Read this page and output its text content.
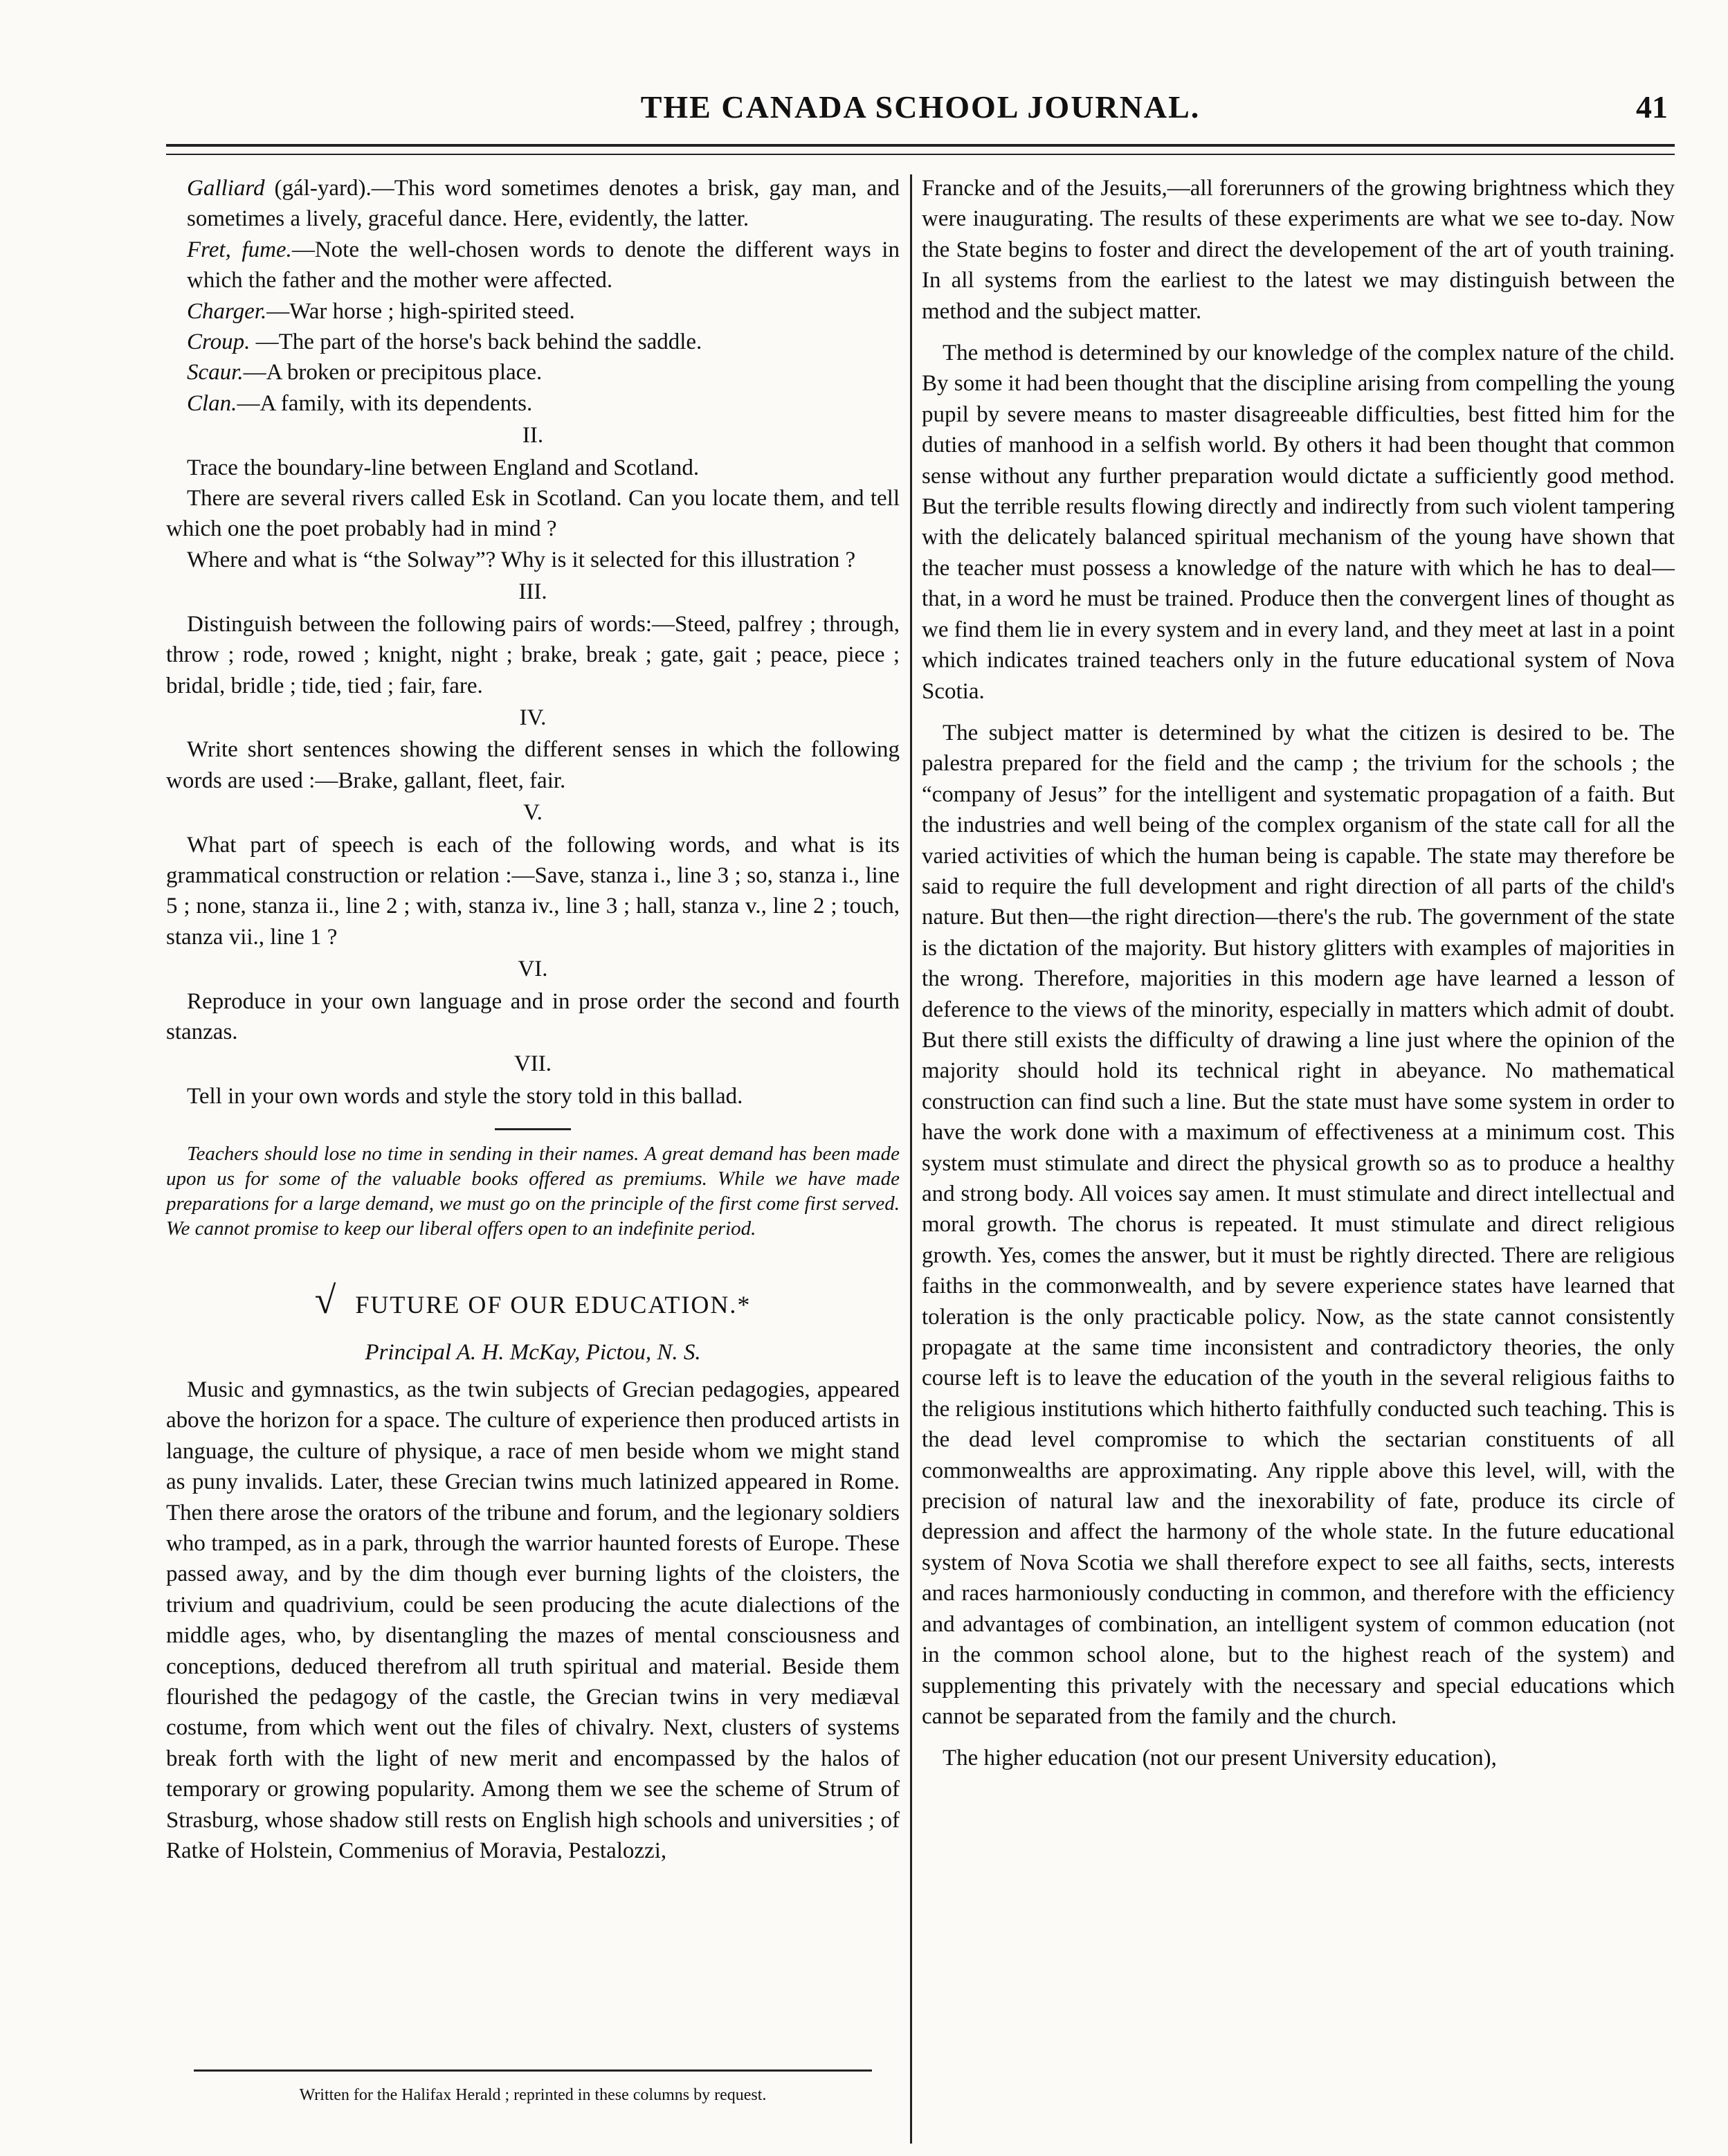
THE CANADA SCHOOL JOURNAL.	41

Galliard (gál-yard).—This word sometimes denotes a brisk, gay man, and sometimes a lively, graceful dance. Here, evidently, the latter.

Fret, fume.—Note the well-chosen words to denote the different ways in which the father and the mother were affected.

Charger.—War horse ; high-spirited steed.

Croup. —The part of the horse's back behind the saddle.

Scaur.—A broken or precipitous place.

Clan.—A family, with its dependents.

II.

Trace the boundary-line between England and Scotland.

There are several rivers called Esk in Scotland. Can you locate them, and tell which one the poet probably had in mind ?

Where and what is “the Solway”? Why is it selected for this illustration ?

III.

Distinguish between the following pairs of words:—Steed, palfrey ; through, throw ; rode, rowed ; knight, night ; brake, break ; gate, gait ; peace, piece ; bridal, bridle ; tide, tied ; fair, fare.

IV.

Write short sentences showing the different senses in which the following words are used :—Brake, gallant, fleet, fair.

V.

What part of speech is each of the following words, and what is its grammatical construction or relation :—Save, stanza i., line 3 ; so, stanza i., line 5 ; none, stanza ii., line 2 ; with, stanza iv., line 3 ; hall, stanza v., line 2 ; touch, stanza vii., line 1 ?

VI.

Reproduce in your own language and in prose order the second and fourth stanzas.

VII.

Tell in your own words and style the story told in this ballad.

Teachers should lose no time in sending in their names. A great demand has been made upon us for some of the valuable books offered as premiums. While we have made preparations for a large demand, we must go on the principle of the first come first served. We cannot promise to keep our liberal offers open to an indefinite period.

√ FUTURE OF OUR EDUCATION.*

Principal A. H. McKay, Pictou, N. S.

Music and gymnastics, as the twin subjects of Grecian pedagogies, appeared above the horizon for a space. The culture of experience then produced artists in language, the culture of physique, a race of men beside whom we might stand as puny invalids. Later, these Grecian twins much latinized appeared in Rome. Then there arose the orators of the tribune and forum, and the legionary soldiers who tramped, as in a park, through the warrior haunted forests of Europe. These passed away, and by the dim though ever burning lights of the cloisters, the trivium and quadrivium, could be seen producing the acute dialections of the middle ages, who, by disentangling the mazes of mental consciousness and conceptions, deduced therefrom all truth spiritual and material. Beside them flourished the pedagogy of the castle, the Grecian twins in very mediæval costume, from which went out the files of chivalry. Next, clusters of systems break forth with the light of new merit and encompassed by the halos of temporary or growing popularity. Among them we see the scheme of Strum of Strasburg, whose shadow still rests on English high schools and universities ; of Ratke of Holstein, Commenius of Moravia, Pestalozzi,

Written for the Halifax Herald ; reprinted in these columns by request.

Francke and of the Jesuits,—all forerunners of the growing brightness which they were inaugurating. The results of these experiments are what we see to-day. Now the State begins to foster and direct the developement of the art of youth training. In all systems from the earliest to the latest we may distinguish between the method and the subject matter.

The method is determined by our knowledge of the complex nature of the child. By some it had been thought that the discipline arising from compelling the young pupil by severe means to master disagreeable difficulties, best fitted him for the duties of manhood in a selfish world. By others it had been thought that common sense without any further preparation would dictate a sufficiently good method. But the terrible results flowing directly and indirectly from such violent tampering with the delicately balanced spiritual mechanism of the young have shown that the teacher must possess a knowledge of the nature with which he has to deal—that, in a word he must be trained. Produce then the convergent lines of thought as we find them lie in every system and in every land, and they meet at last in a point which indicates trained teachers only in the future educational system of Nova Scotia.

The subject matter is determined by what the citizen is desired to be. The palestra prepared for the field and the camp ; the trivium for the schools ; the “company of Jesus” for the intelligent and systematic propagation of a faith. But the industries and well being of the complex organism of the state call for all the varied activities of which the human being is capable. The state may therefore be said to require the full development and right direction of all parts of the child's nature. But then—the right direction—there's the rub. The government of the state is the dictation of the majority. But history glitters with examples of majorities in the wrong. Therefore, majorities in this modern age have learned a lesson of deference to the views of the minority, especially in matters which admit of doubt. But there still exists the difficulty of drawing a line just where the opinion of the majority should hold its technical right in abeyance. No mathematical construction can find such a line. But the state must have some system in order to have the work done with a maximum of effectiveness at a minimum cost. This system must stimulate and direct the physical growth so as to produce a healthy and strong body. All voices say amen. It must stimulate and direct intellectual and moral growth. The chorus is repeated. It must stimulate and direct religious growth. Yes, comes the answer, but it must be rightly directed. There are religious faiths in the commonwealth, and by severe experience states have learned that toleration is the only practicable policy. Now, as the state cannot consistently propagate at the same time inconsistent and contradictory theories, the only course left is to leave the education of the youth in the several religious faiths to the religious institutions which hitherto faithfully conducted such teaching. This is the dead level compromise to which the sectarian constituents of all commonwealths are approximating. Any ripple above this level, will, with the precision of natural law and the inexorability of fate, produce its circle of depression and affect the harmony of the whole state. In the future educational system of Nova Scotia we shall therefore expect to see all faiths, sects, interests and races harmoniously conducting in common, and therefore with the efficiency and advantages of combination, an intelligent system of common education (not in the common school alone, but to the highest reach of the system) and supplementing this privately with the necessary and special educations which cannot be separated from the family and the church.

The higher education (not our present University education),
